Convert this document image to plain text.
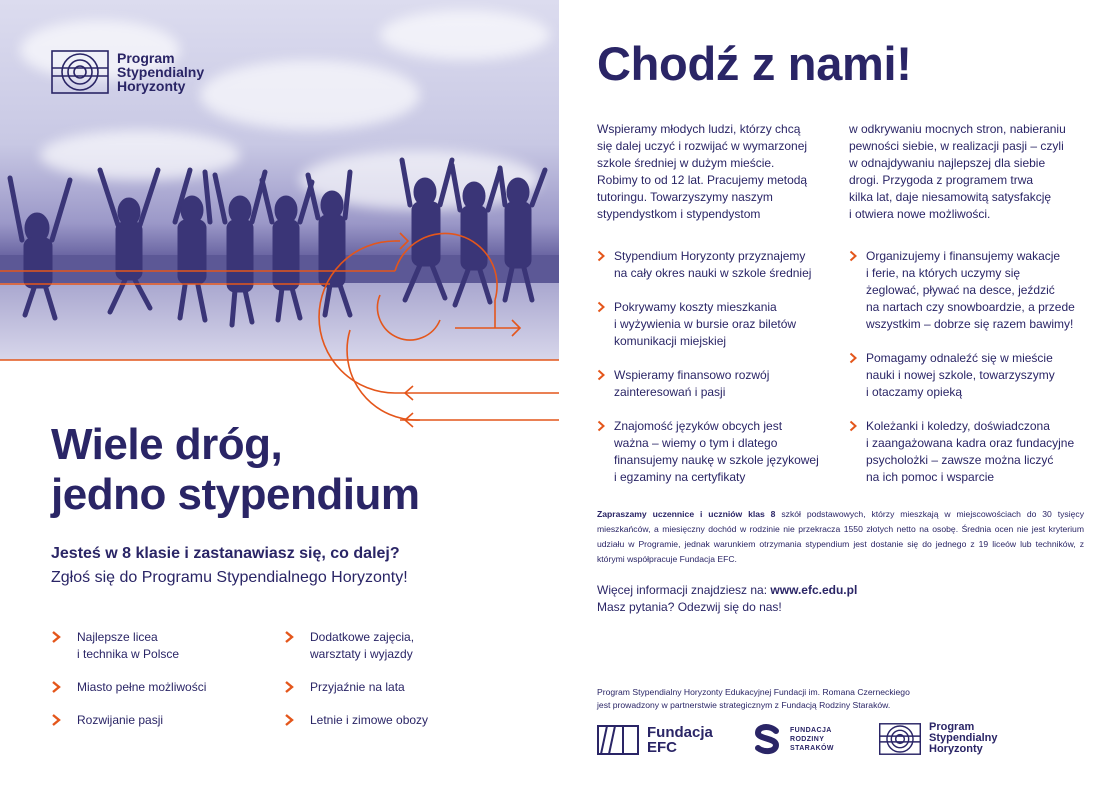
Program
Stypendialny
Horyzonty
Wiele dróg,
jedno stypendium
Jesteś w 8 klasie i zastanawiasz się, co dalej?
Zgłoś się do Programu Stypendialnego Horyzonty!
Najlepsze licea
i technika w Polsce
Miasto pełne możliwości
Rozwijanie pasji
Dodatkowe zajęcia,
warsztaty i wyjazdy
Przyjaźnie na lata
Letnie i zimowe obozy
Chodź z nami!
Wspieramy młodych ludzi, którzy chcą
się dalej uczyć i rozwijać w wymarzonej
szkole średniej w dużym mieście.
Robimy to od 12 lat. Pracujemy metodą
tutoringu. Towarzyszymy naszym
stypendystkom i stypendystom
w odkrywaniu mocnych stron, nabieraniu
pewności siebie, w realizacji pasji – czyli
w odnajdywaniu najlepszej dla siebie
drogi. Przygoda z programem trwa
kilka lat, daje niesamowitą satysfakcję
i otwiera nowe możliwości.
Stypendium Horyzonty przyznajemy
na cały okres nauki w szkole średniej
Pokrywamy koszty mieszkania
i wyżywienia w bursie oraz biletów
komunikacji miejskiej
Wspieramy finansowo rozwój
zainteresowań i pasji
Znajomość języków obcych jest
ważna – wiemy o tym i dlatego
finansujemy naukę w szkole językowej
i egzaminy na certyfikaty
Organizujemy i finansujemy wakacje
i ferie, na których uczymy się
żeglować, pływać na desce, jeździć
na nartach czy snowboardzie, a przede
wszystkim – dobrze się razem bawimy!
Pomagamy odnaleźć się w mieście
nauki i nowej szkole, towarzyszymy
i otaczamy opieką
Koleżanki i koledzy, doświadczona
i zaangażowana kadra oraz fundacyjne
psycholożki – zawsze można liczyć
na ich pomoc i wsparcie

Zapraszamy uczennice i uczniów klas 8 szkół podstawowych, którzy mieszkają w miejscowościach do 30 tysięcy mieszkańców, a miesięczny dochód w rodzinie nie przekracza 1550 złotych netto na osobę. Średnia ocen nie jest kryterium udziału w Programie, jednak warunkiem otrzymania stypendium jest dostanie się do jednego z 19 liceów lub techników, z którymi współpracuje Fundacja EFC.

Więcej informacji znajdziesz na: www.efc.edu.pl
Masz pytania? Odezwij się do nas!
Program Stypendialny Horyzonty Edukacyjnej Fundacji im. Romana Czerneckiego
jest prowadzony w partnerstwie strategicznym z Fundacją Rodziny Staraków.
Fundacja
EFC
FUNDACJA
RODZINY
STARAKÓW
Program
Stypendialny
Horyzonty
